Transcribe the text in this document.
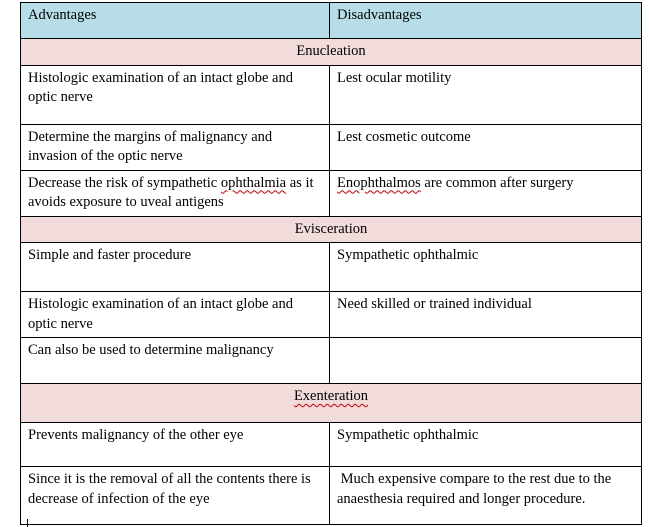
Advantages	Disadvantages
Enucleation	
Histologic examination of an intact globe and optic nerve	Lest ocular motility
Determine the margins of malignancy and invasion of the optic nerve	Lest cosmetic outcome
Decrease the risk of sympathetic ophthalmia as it avoids exposure to uveal antigens	Enophthalmos are common after surgery
Evisceration	
Simple and faster procedure	Sympathetic ophthalmic
Histologic examination of an intact globe and optic nerve	Need skilled or trained individual
Can also be used to determine malignancy	
Exenteration	
Prevents malignancy of the other eye	Sympathetic ophthalmic
Since it is the removal of all the contents there is decrease of infection of the eye	Much expensive compare to the rest due to the anaesthesia required and longer procedure.
